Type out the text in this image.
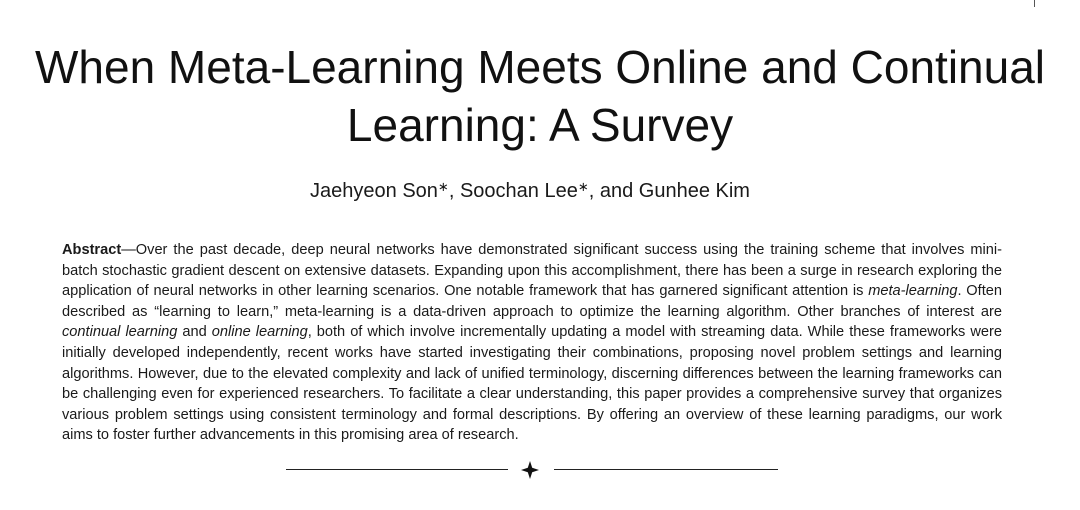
When Meta-Learning Meets Online and Continual
Learning: A Survey
Jaehyeon Son∗, Soochan Lee∗, and Gunhee Kim

Abstract—Over the past decade, deep neural networks have demonstrated significant success using the training scheme that involves mini-batch stochastic gradient descent on extensive datasets. Expanding upon this accomplishment, there has been a surge in research exploring the application of neural networks in other learning scenarios. One notable framework that has garnered significant attention is meta-learning. Often described as “learning to learn,” meta-learning is a data-driven approach to optimize the learning algorithm. Other branches of interest are continual learning and online learning, both of which involve incrementally updating a model with streaming data. While these frameworks were initially developed independently, recent works have started investigating their combinations, proposing novel problem settings and learning algorithms. However, due to the elevated complexity and lack of unified terminology, discerning differences between the learning frameworks can be challenging even for experienced researchers. To facilitate a clear understanding, this paper provides a comprehensive survey that organizes various problem settings using consistent terminology and formal descriptions. By offering an overview of these learning paradigms, our work aims to foster further advancements in this promising area of research.
